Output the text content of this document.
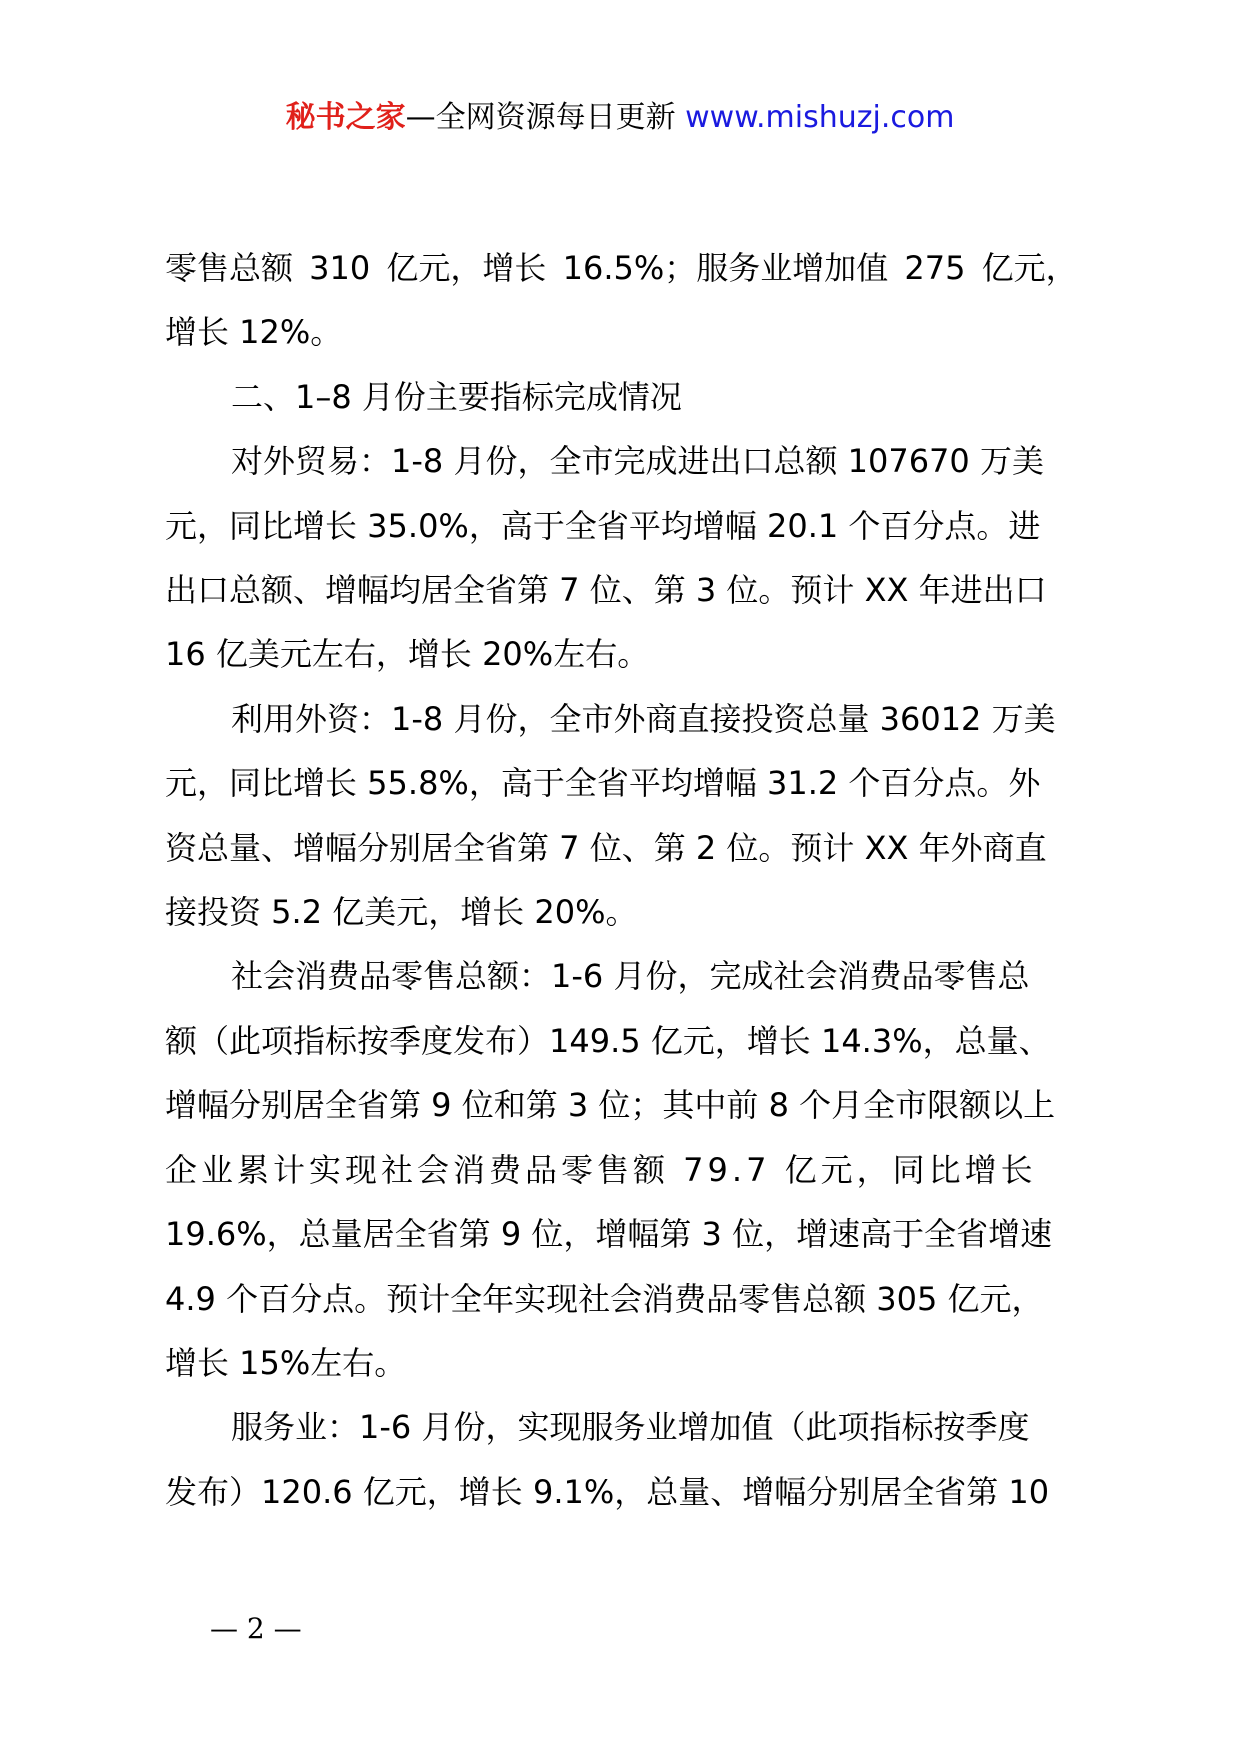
秘书之家—全网资源每日更新 www.mishuzj.com

零售总额 310 亿元，增长 16.5%；服务业增加值 275 亿元，

增长 12%。

二、1–8 月份主要指标完成情况

对外贸易：1-8 月份，全市完成进出口总额 107670 万美

元，同比增长 35.0%，高于全省平均增幅 20.1 个百分点。进

出口总额、增幅均居全省第 7 位、第 3 位。预计 XX 年进出口

16 亿美元左右，增长 20%左右。

利用外资：1-8 月份，全市外商直接投资总量 36012 万美

元，同比增长 55.8%，高于全省平均增幅 31.2 个百分点。外

资总量、增幅分别居全省第 7 位、第 2 位。预计 XX 年外商直

接投资 5.2 亿美元，增长 20%。

社会消费品零售总额：1-6 月份，完成社会消费品零售总

额（此项指标按季度发布）149.5 亿元，增长 14.3%，总量、

增幅分别居全省第 9 位和第 3 位；其中前 8 个月全市限额以上

企业累计实现社会消费品零售额 79.7 亿元，同比增长

19.6%，总量居全省第 9 位，增幅第 3 位，增速高于全省增速

4.9 个百分点。预计全年实现社会消费品零售总额 305 亿元，

增长 15%左右。

服务业：1-6 月份，实现服务业增加值（此项指标按季度

发布）120.6 亿元，增长 9.1%，总量、增幅分别居全省第 10

— 2 —
